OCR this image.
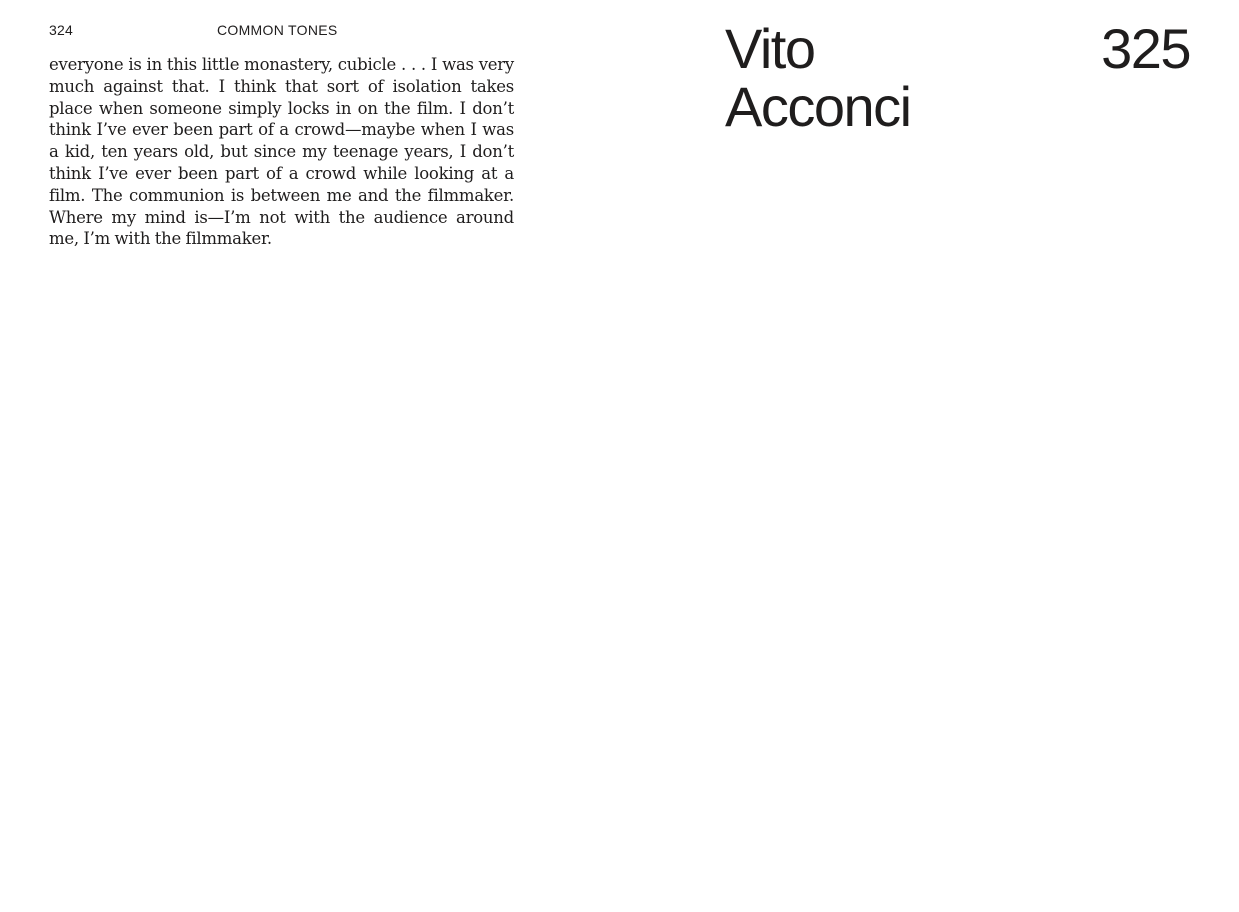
324	COMMON TONES

everyone is in this little monastery, cubicle . . . I was very much against that. I think that sort of isolation takes place when someone simply locks in on the film. I don’t think I’ve ever been part of a crowd—maybe when I was a kid, ten years old, but since my teenage years, I don’t think I’ve ever been part of a crowd while looking at a film. The communion is between me and the filmmaker. Where my mind is—I’m not with the audience around me, I’m with the filmmaker.

Vito
Acconci
325
